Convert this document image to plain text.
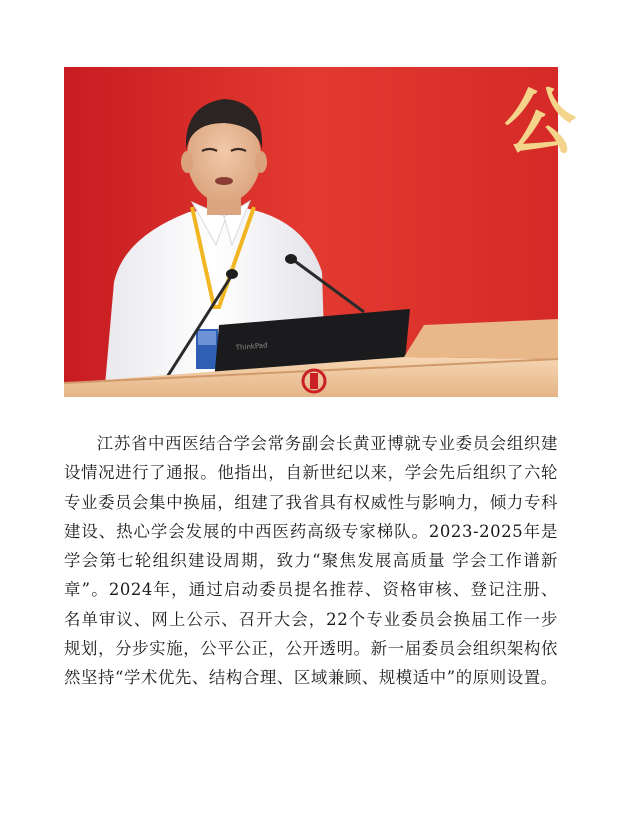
公
ThinkPad

江苏省中西医结合学会常务副会长黄亚博就专业委员会组织建设情况进行了通报。他指出，自新世纪以来，学会先后组织了六轮专业委员会集中换届，组建了我省具有权威性与影响力，倾力专科建设、热心学会发展的中西医药高级专家梯队。2023-2025年是学会第七轮组织建设周期，致力“聚焦发展高质量 学会工作谱新章”。2024年，通过启动委员提名推荐、资格审核、登记注册、名单审议、网上公示、召开大会，22个专业委员会换届工作一步规划，分步实施，公平公正，公开透明。新一届委员会组织架构依然坚持“学术优先、结构合理、区域兼顾、规模适中”的原则设置。
